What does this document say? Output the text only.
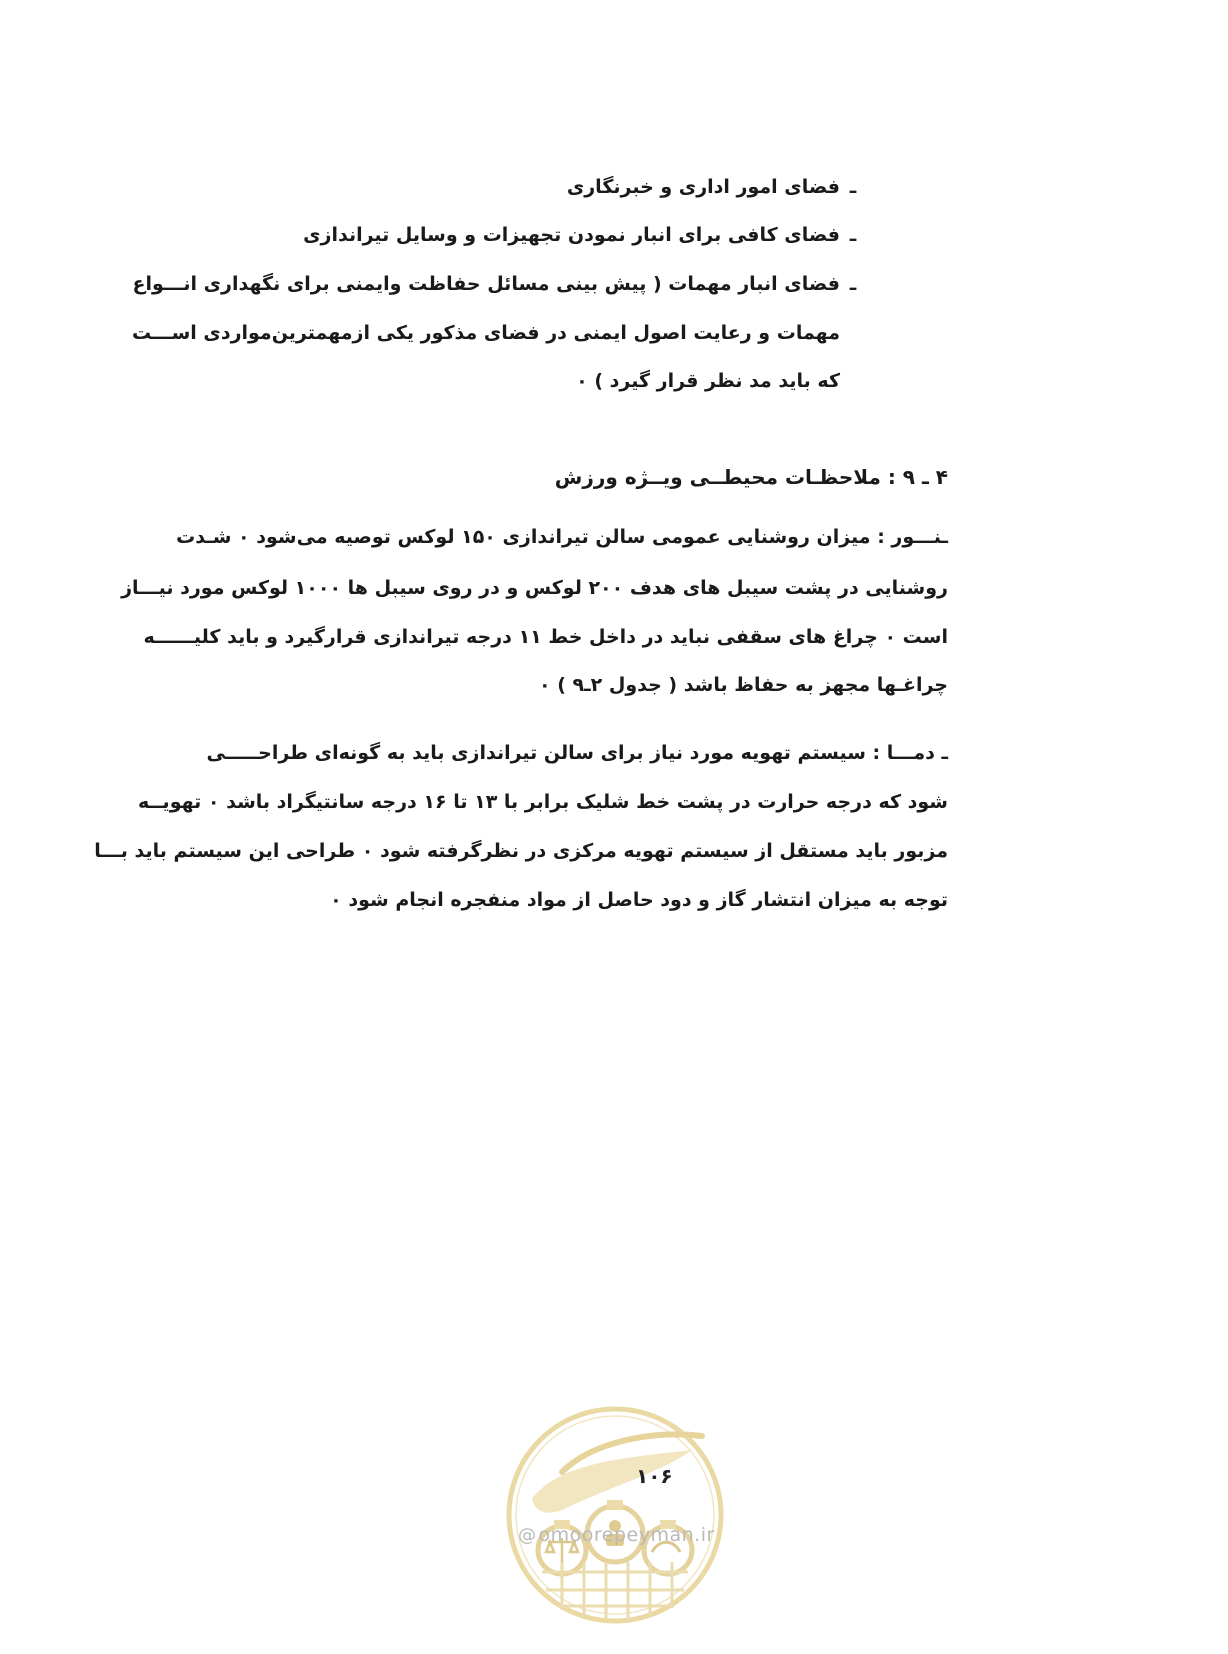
ـفضای امور اداری و خبرنگاری
ـفضای کافی برای انبار نمودن تجهیزات و وسایل تیراندازی
ـفضای انبار مهمات ( پیش بینی مسائل حفاظت وایمنی برای نگهداری انـــواع
مهمات و رعایت اصول ایمنی در فضای مذکور یکی ازمهمترین‌مواردی اســـت
که باید مد نظر قرار گیرد ) ۰
۴ ـ ۹ : ملاحظـات محیطــی ویــژه ورزش
ـنـــور : میزان روشنایی عمومی سالن تیراندازی ۱۵۰ لوکس توصیه می‌شود ۰ شـدت
روشنایی در پشت سیبل های هدف ۲۰۰ لوکس و در روی سیبل ها ۱۰۰۰ لوکس مورد نیـــاز
است ۰ چراغ های سقفی نباید در داخل خط ۱۱ درجه تیراندازی قرارگیرد و باید کلیــــــه
چراغـها مجهز به حفاظ باشد ( جدول ۲ـ۹ ) ۰
ـ دمـــا : سیستم تهویه مورد نیاز برای سالن تیراندازی باید به گونه‌ای طراحـــــی
شود که درجه حرارت در پشت خط شلیک برابر با ۱۳ تا ۱۶ درجه سانتیگراد باشد ۰ تهویــه
مزبور باید مستقل از سیستم تهویه مرکزی در نظرگرفته شود ۰ طراحی این سیستم باید بـــا
توجه به میزان انتشار گاز و دود حاصل از مواد منفجره انجام شود ۰
۱۰۶
@ omoorepeyman.ir
